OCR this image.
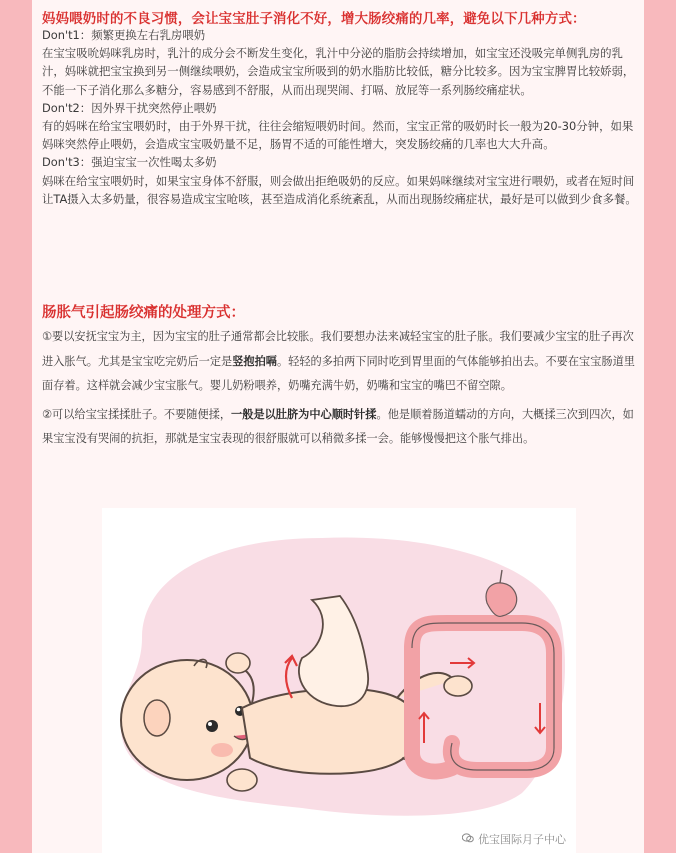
妈妈喂奶时的不良习惯，会让宝宝肚子消化不好，增大肠绞痛的几率，避免以下几种方式：

Don't1：频繁更换左右乳房喂奶

在宝宝吸吮妈咪乳房时，乳汁的成分会不断发生变化，乳汁中分泌的脂肪会持续增加，如宝宝还没吸完单侧乳房的乳汁，妈咪就把宝宝换到另一侧继续喂奶，会造成宝宝所吸到的奶水脂肪比较低，糖分比较多。因为宝宝脾胃比较娇弱，不能一下子消化那么多糖分，容易感到不舒服，从而出现哭闹、打嗝、放屁等一系列肠绞痛症状。

Don't2：因外界干扰突然停止喂奶

有的妈咪在给宝宝喂奶时，由于外界干扰，往往会缩短喂奶时间。然而，宝宝正常的吸奶时长一般为20-30分钟，如果妈咪突然停止喂奶，会造成宝宝吸奶量不足，肠胃不适的可能性增大，突发肠绞痛的几率也大大升高。

Don't3：强迫宝宝一次性喝太多奶

妈咪在给宝宝喂奶时，如果宝宝身体不舒服，则会做出拒绝吸奶的反应。如果妈咪继续对宝宝进行喂奶，或者在短时间让TA摄入太多奶量，很容易造成宝宝呛咳，甚至造成消化系统紊乱，从而出现肠绞痛症状，最好是可以做到少食多餐。

肠胀气引起肠绞痛的处理方式：

①要以安抚宝宝为主，因为宝宝的肚子通常都会比较胀。我们要想办法来减轻宝宝的肚子胀。我们要减少宝宝的肚子再次进入胀气。尤其是宝宝吃完奶后一定是竖抱拍嗝。轻轻的多拍两下同时吃到胃里面的气体能够拍出去。不要在宝宝肠道里面存着。这样就会减少宝宝胀气。婴儿奶粉喂养，奶嘴充满牛奶，奶嘴和宝宝的嘴巴不留空隙。

②可以给宝宝揉揉肚子。不要随便揉，一般是以肚脐为中心顺时针揉。他是顺着肠道蠕动的方向，大概揉三次到四次，如果宝宝没有哭闹的抗拒，那就是宝宝表现的很舒服就可以稍微多揉一会。能够慢慢把这个胀气排出。

优宝国际月子中心
